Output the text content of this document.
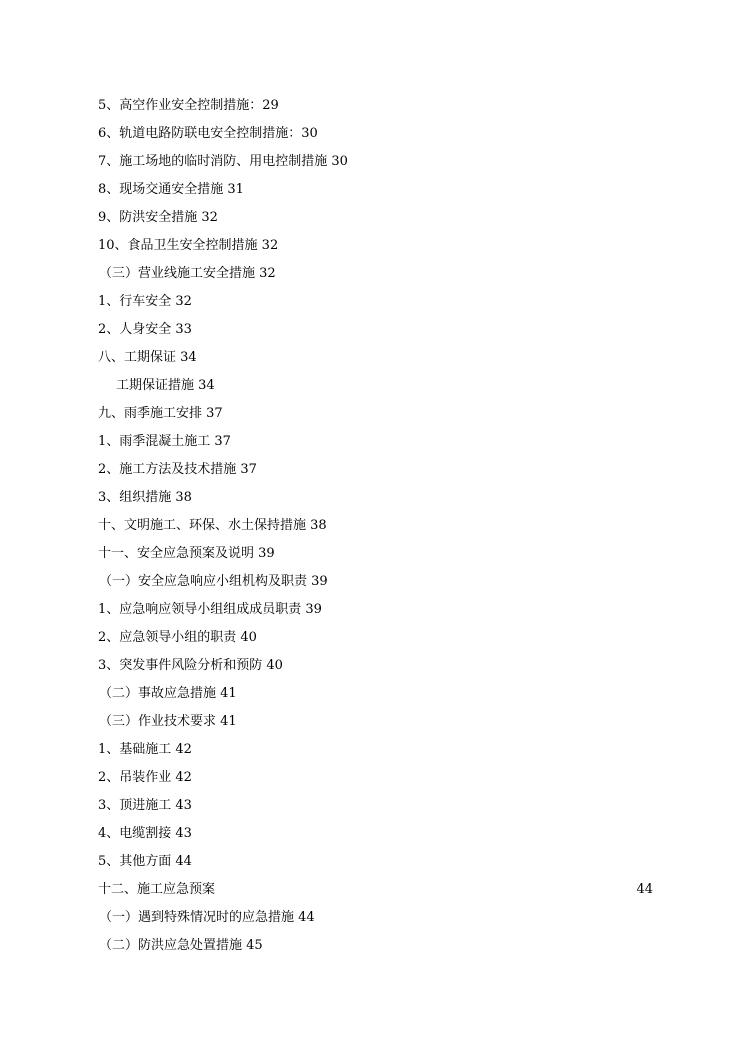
5、高空作业安全控制措施：29
6、轨道电路防联电安全控制措施：30
7、施工场地的临时消防、用电控制措施 30
8、现场交通安全措施 31
9、防洪安全措施 32
10、食品卫生安全控制措施 32
（三）营业线施工安全措施 32
1、行车安全 32
2、人身安全 33
八、工期保证 34
工期保证措施 34
九、雨季施工安排 37
1、雨季混凝土施工 37
2、施工方法及技术措施 37
3、组织措施 38
十、文明施工、环保、水土保持措施 38
十一、安全应急预案及说明 39
（一）安全应急响应小组机构及职责 39
1、应急响应领导小组组成成员职责 39
2、应急领导小组的职责 40
3、突发事件风险分析和预防 40
（二）事故应急措施 41
（三）作业技术要求 41
1、基础施工 42
2、吊装作业 42
3、顶进施工 43
4、电缆割接 43
5、其他方面 44
十二、施工应急预案	44
（一）遇到特殊情况时的应急措施 44
（二）防洪应急处置措施 45
